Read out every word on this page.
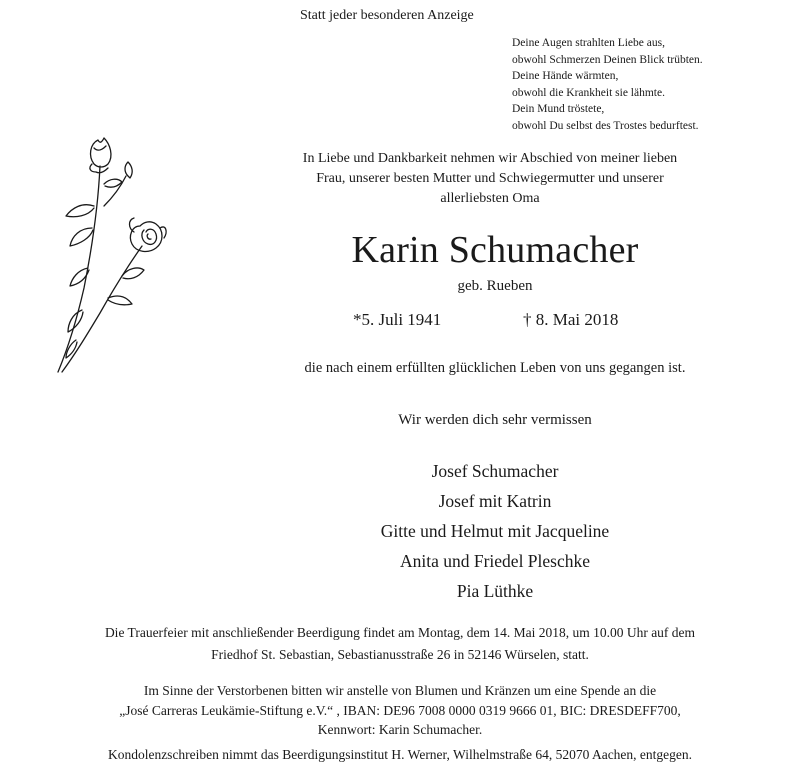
Statt jeder besonderen Anzeige
Deine Augen strahlten Liebe aus,
obwohl Schmerzen Deinen Blick trübten.
Deine Hände wärmten,
obwohl die Krankheit sie lähmte.
Dein Mund tröstete,
obwohl Du selbst des Trostes bedurftest.
In Liebe und Dankbarkeit nehmen wir Abschied von meiner lieben
Frau, unserer besten Mutter und Schwiegermutter und unserer
allerliebsten Oma
Karin Schumacher
geb. Rueben
*5. Juli 1941	† 8. Mai 2018
die nach einem erfüllten glücklichen Leben von uns gegangen ist.
Wir werden dich sehr vermissen
Josef Schumacher
Josef mit Katrin
Gitte und Helmut mit Jacqueline
Anita und Friedel Pleschke
Pia Lüthke
Die Trauerfeier mit anschließender Beerdigung findet am Montag, dem 14. Mai 2018, um 10.00 Uhr auf dem
Friedhof St. Sebastian, Sebastianusstraße 26 in 52146 Würselen, statt.
Im Sinne der Verstorbenen bitten wir anstelle von Blumen und Kränzen um eine Spende an die
„José Carreras Leukämie-Stiftung e.V.“ , IBAN: DE96 7008 0000 0319 9666 01, BIC: DRESDEFF700,
Kennwort: Karin Schumacher.
Kondolenzschreiben nimmt das Beerdigungsinstitut H. Werner, Wilhelmstraße 64, 52070 Aachen, entgegen.
